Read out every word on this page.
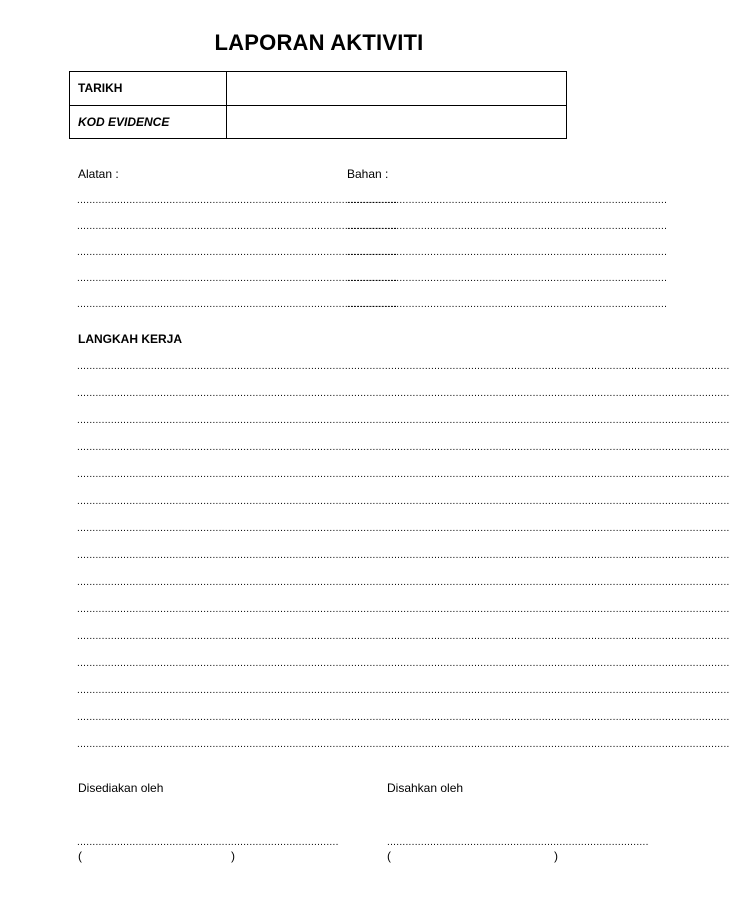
LAPORAN AKTIVITI
TARIKH
KOD EVIDENCE
Alatan :	Bahan :
........................................................................................................
........................................................................................................
........................................................................................................
........................................................................................................
........................................................................................................
........................................................................................................
........................................................................................................
........................................................................................................
........................................................................................................
........................................................................................................
LANGKAH KERJA
....................................................................................................................................................................................................................
....................................................................................................................................................................................................................
....................................................................................................................................................................................................................
....................................................................................................................................................................................................................
....................................................................................................................................................................................................................
....................................................................................................................................................................................................................
....................................................................................................................................................................................................................
....................................................................................................................................................................................................................
....................................................................................................................................................................................................................
....................................................................................................................................................................................................................
....................................................................................................................................................................................................................
....................................................................................................................................................................................................................
....................................................................................................................................................................................................................
....................................................................................................................................................................................................................
....................................................................................................................................................................................................................
Disediakan oleh	Disahkan oleh
.....................................................................................	.....................................................................................
(	)	(	)
